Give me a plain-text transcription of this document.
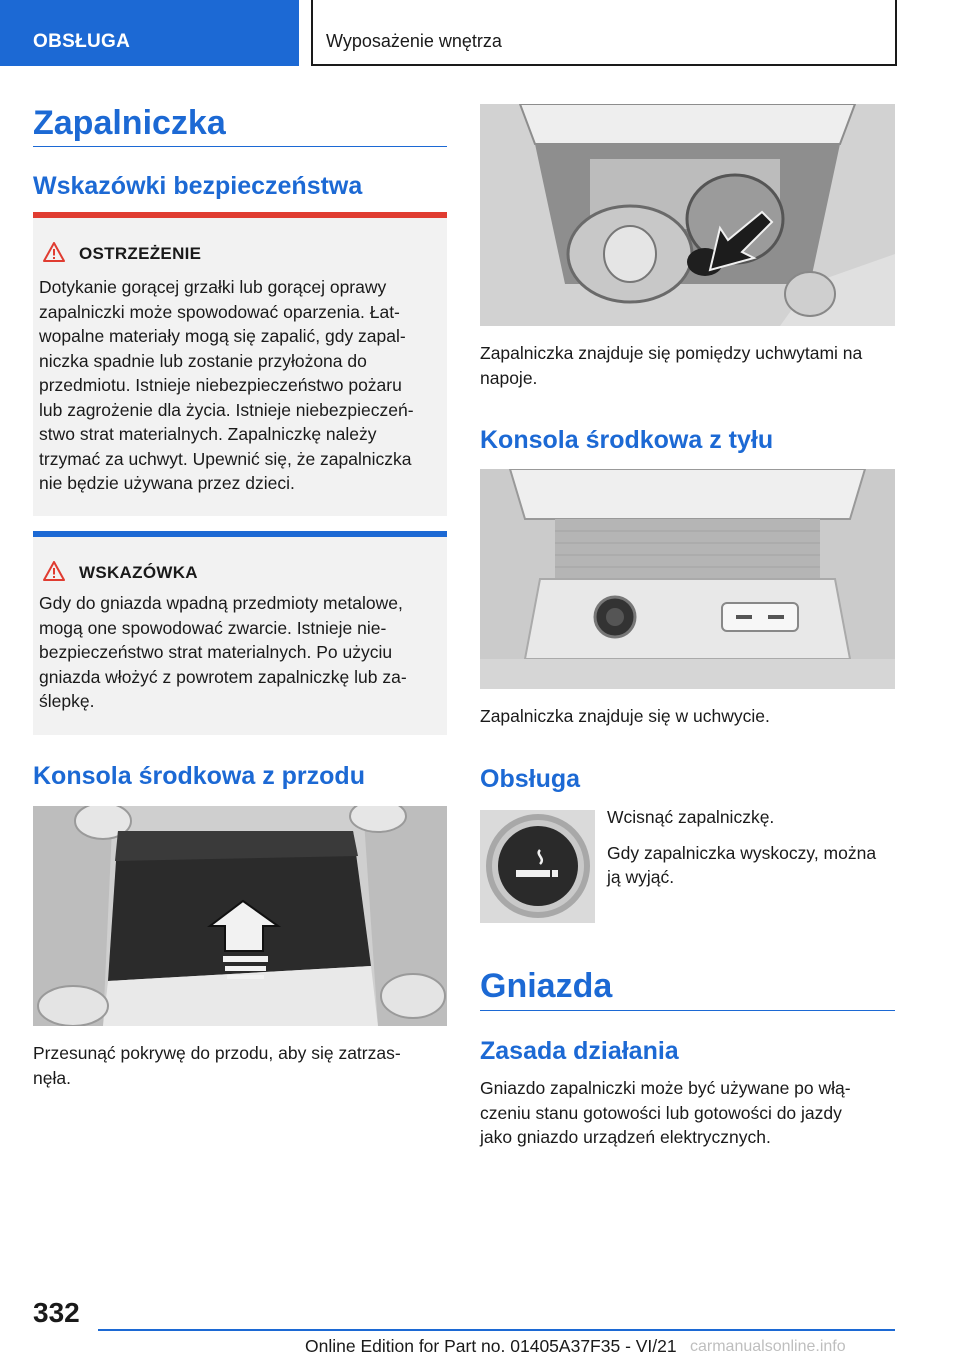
OBSŁUGA	Wyposażenie wnętrza
Zapalniczka
Wskazówki bezpieczeństwa
OSTRZEŻENIE
Dotykanie gorącej grzałki lub gorącej oprawy
zapalniczki może spowodować oparzenia. Łat-
wopalne materiały mogą się zapalić, gdy zapal-
niczka spadnie lub zostanie przyłożona do
przedmiotu. Istnieje niebezpieczeństwo pożaru
lub zagrożenie dla życia. Istnieje niebezpieczeń-
stwo strat materialnych. Zapalniczkę należy
trzymać za uchwyt. Upewnić się, że zapalniczka
nie będzie używana przez dzieci.
WSKAZÓWKA
Gdy do gniazda wpadną przedmioty metalowe,
mogą one spowodować zwarcie. Istnieje nie-
bezpieczeństwo strat materialnych. Po użyciu
gniazda włożyć z powrotem zapalniczkę lub za-
ślepkę.
Konsola środkowa z przodu
Przesunąć pokrywę do przodu, aby się zatrzas-
nęła.
Zapalniczka znajduje się pomiędzy uchwytami na
napoje.
Konsola środkowa z tyłu
Zapalniczka znajduje się w uchwycie.
Obsługa
Wcisnąć zapalniczkę.
Gdy zapalniczka wyskoczy, można
ją wyjąć.
Gniazda
Zasada działania
Gniazdo zapalniczki może być używane po włą-
czeniu stanu gotowości lub gotowości do jazdy
jako gniazdo urządzeń elektrycznych.
332
Online Edition for Part no. 01405A37F35 - VI/21 carmanualsonline.info
